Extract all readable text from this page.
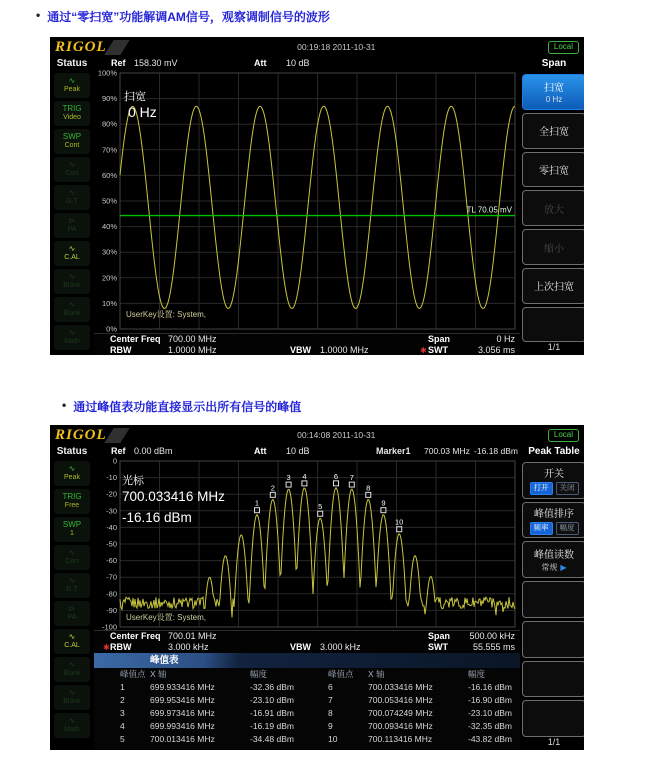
• 通过“零扫宽”功能解调AM信号，观察调制信号的波形
• 通过峰值表功能直接显示出所有信号的峰值
RIGOL	00:19:18 2011-10-31	Local
Status
∿
Peak
TRIG
Video
SWP
Cont
∿
Corr
∿
G.T
⊳
PA
∿
C.AL
∿
Blank
∿
Blank
∿
Math
Ref 158.30 mV	Att 10 dB
100%
90%
80%
70%
60%
50%
40%
30%
20%
10%
0%
TL 70.05 mV
扫宽
0 Hz
UserKey设置: System,
Center Freq 700.00 MHz	Span	0 Hz
RBW	1.0000 MHz	VBW 1.0000 MHz	✱ SWT	3.056 ms
Span
扫宽
0 Hz
全扫宽
零扫宽
放大
缩小
上次扫宽
1/1
RIGOL	00:14:08 2011-10-31	Local
Status
∿
Peak
TRIG
Free
SWP
1
∿
Corr
∿
G.T
⊳
PA
∿
C.AL
∿
Blank
∿
Blank
∿
Math
Ref 0.00 dBm	Att 10 dB	Marker1 700.03 MHz -16.18 dBm
0
-10
-20
-30
-40
-50
-60
-70
-80
-90
-100
1
2
3 4
5
6 7
8
9
10
光标
700.033416 MHz
-16.16 dBm
UserKey设置: System,
Center Freq 700.01 MHz	Span 500.00 kHz
✱ RBW	3.000 kHz	VBW 3.000 kHz	SWT	55.555 ms
峰值表
峰值点 X 轴	幅度	峰值点	X 轴	幅度
1	699.933416 MHz	-32.36 dBm	6	700.033416 MHz	-16.16 dBm
2	699.953416 MHz	-23.10 dBm	7	700.053416 MHz	-16.90 dBm
3	699.973416 MHz	-16.91 dBm	8	700.074249 MHz	-23.10 dBm
4	699.993416 MHz	-16.19 dBm	9	700.093416 MHz	-32.35 dBm
5	700.013416 MHz	-34.48 dBm	10	700.113416 MHz	-43.82 dBm
Peak Table
开关
打开	关闭
峰值排序
频率	幅度
峰值读数
常规 ▶
1/1
